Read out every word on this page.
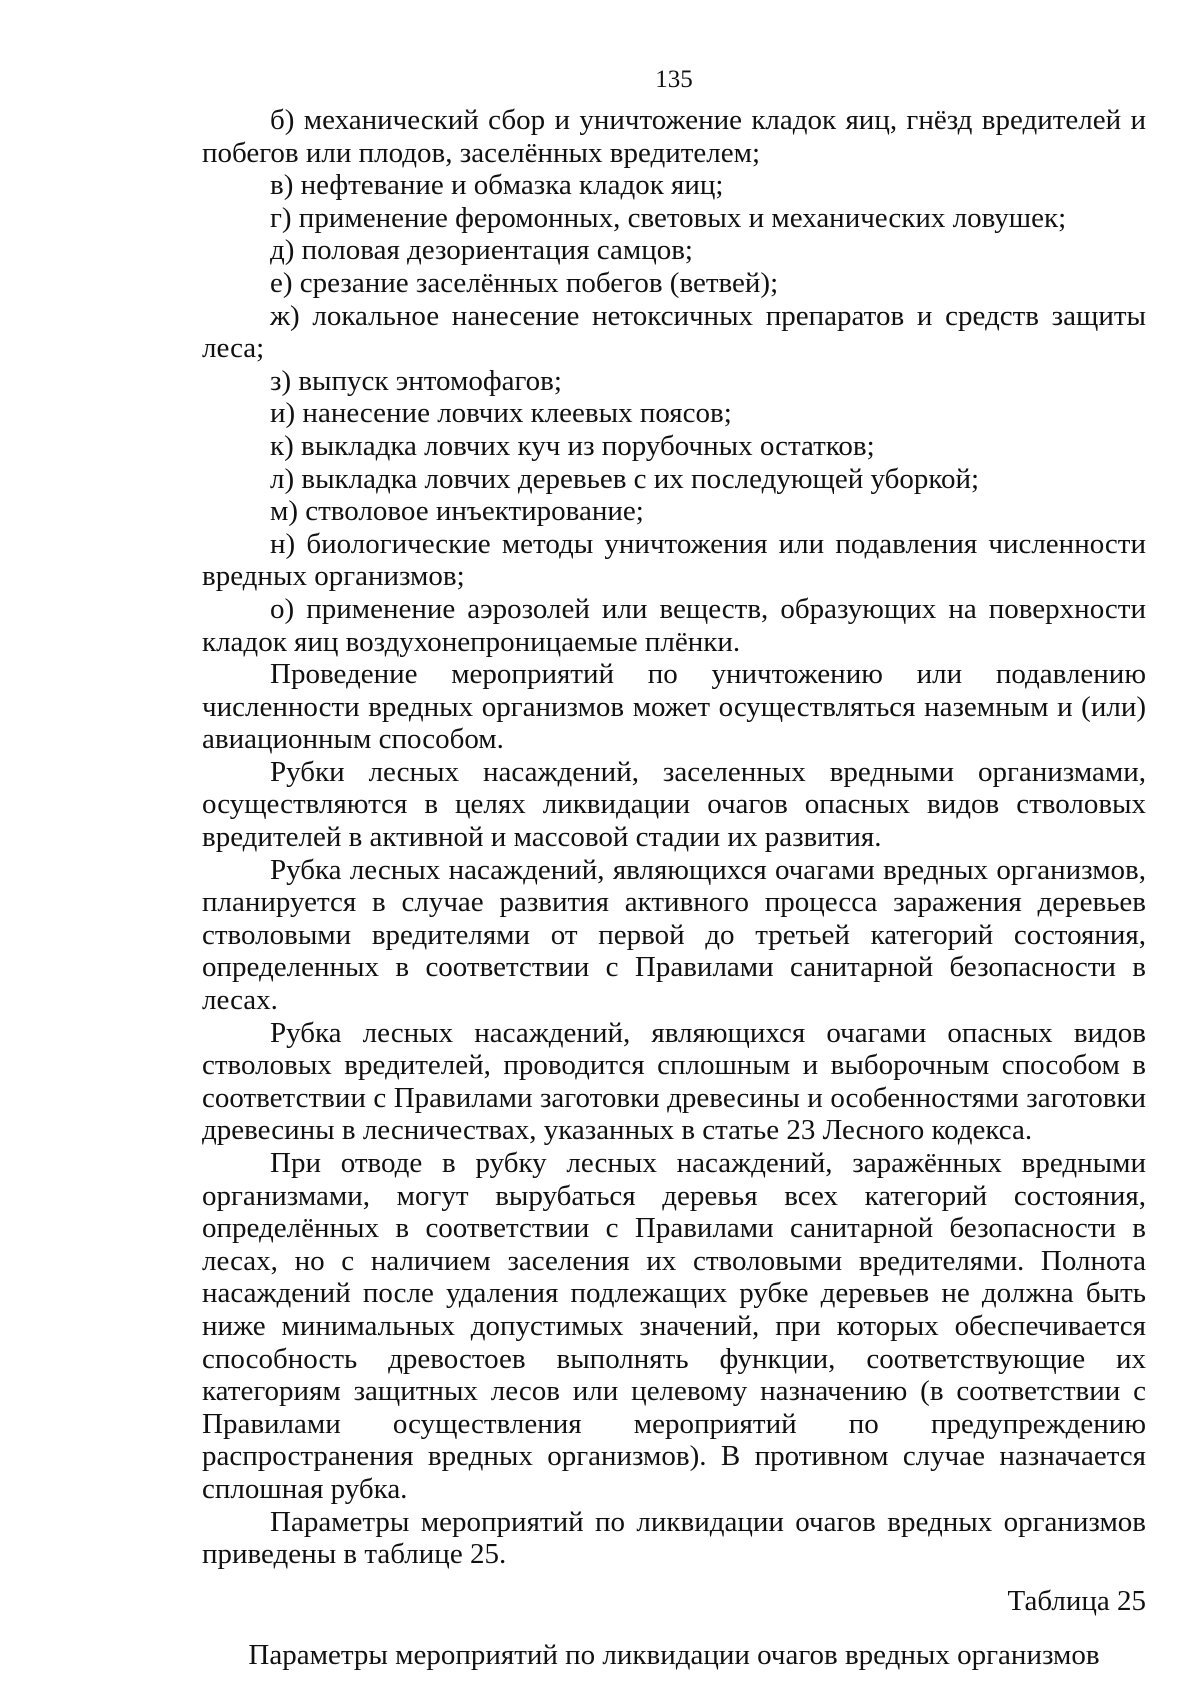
135

б) механический сбор и уничтожение кладок яиц, гнёзд вредителей и побегов или плодов, заселённых вредителем;

в) нефтевание и обмазка кладок яиц;

г) применение феромонных, световых и механических ловушек;

д) половая дезориентация самцов;

е) срезание заселённых побегов (ветвей);

ж) локальное нанесение нетоксичных препаратов и средств защиты леса;

з) выпуск энтомофагов;

и) нанесение ловчих клеевых поясов;

к) выкладка ловчих куч из порубочных остатков;

л) выкладка ловчих деревьев с их последующей уборкой;

м) стволовое инъектирование;

н) биологические методы уничтожения или подавления численности вредных организмов;

о) применение аэрозолей или веществ, образующих на поверхности кладок яиц воздухонепроницаемые плёнки.

Проведение мероприятий по уничтожению или подавлению численности вредных организмов может осуществляться наземным и (или) авиационным способом.

Рубки лесных насаждений, заселенных вредными организмами, осуществляются в целях ликвидации очагов опасных видов стволовых вредителей в активной и массовой стадии их развития.

Рубка лесных насаждений, являющихся очагами вредных организмов, планируется в случае развития активного процесса заражения деревьев стволовыми вредителями от первой до третьей категорий состояния, определенных в соответствии с Правилами санитарной безопасности в лесах.

Рубка лесных насаждений, являющихся очагами опасных видов стволовых вредителей, проводится сплошным и выборочным способом в соответствии с Правилами заготовки древесины и особенностями заготовки древесины в лесничествах, указанных в статье 23 Лесного кодекса.

При отводе в рубку лесных насаждений, заражённых вредными организмами, могут вырубаться деревья всех категорий состояния, определённых в соответствии с Правилами санитарной безопасности в лесах, но с наличием заселения их стволовыми вредителями. Полнота насаждений после удаления подлежащих рубке деревьев не должна быть ниже минимальных допустимых значений, при которых обеспечивается способность древостоев выполнять функции, соответствующие их категориям защитных лесов или целевому назначению (в соответствии с Правилами осуществления мероприятий по предупреждению распространения вредных организмов). В противном случае назначается сплошная рубка.

Параметры мероприятий по ликвидации очагов вредных организмов приведены в таблице 25.

Таблица 25
Параметры мероприятий по ликвидации очагов вредных организмов
